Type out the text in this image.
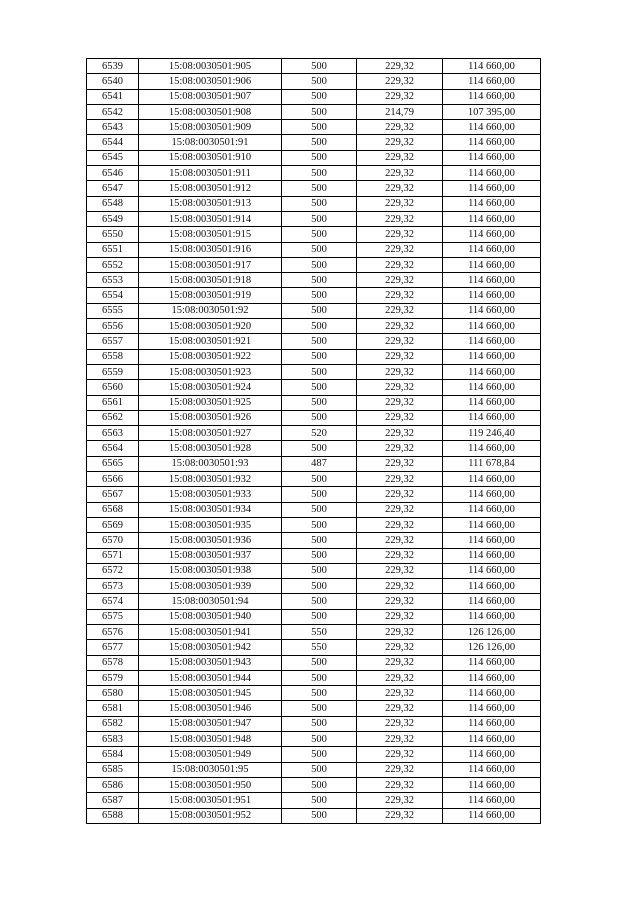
6539	15:08:0030501:905	500	229,32	114 660,00
6540	15:08:0030501:906	500	229,32	114 660,00
6541	15:08:0030501:907	500	229,32	114 660,00
6542	15:08:0030501:908	500	214,79	107 395,00
6543	15:08:0030501:909	500	229,32	114 660,00
6544	15:08:0030501:91	500	229,32	114 660,00
6545	15:08:0030501:910	500	229,32	114 660,00
6546	15:08:0030501:911	500	229,32	114 660,00
6547	15:08:0030501:912	500	229,32	114 660,00
6548	15:08:0030501:913	500	229,32	114 660,00
6549	15:08:0030501:914	500	229,32	114 660,00
6550	15:08:0030501:915	500	229,32	114 660,00
6551	15:08:0030501:916	500	229,32	114 660,00
6552	15:08:0030501:917	500	229,32	114 660,00
6553	15:08:0030501:918	500	229,32	114 660,00
6554	15:08:0030501:919	500	229,32	114 660,00
6555	15:08:0030501:92	500	229,32	114 660,00
6556	15:08:0030501:920	500	229,32	114 660,00
6557	15:08:0030501:921	500	229,32	114 660,00
6558	15:08:0030501:922	500	229,32	114 660,00
6559	15:08:0030501:923	500	229,32	114 660,00
6560	15:08:0030501:924	500	229,32	114 660,00
6561	15:08:0030501:925	500	229,32	114 660,00
6562	15:08:0030501:926	500	229,32	114 660,00
6563	15:08:0030501:927	520	229,32	119 246,40
6564	15:08:0030501:928	500	229,32	114 660,00
6565	15:08:0030501:93	487	229,32	111 678,84
6566	15:08:0030501:932	500	229,32	114 660,00
6567	15:08:0030501:933	500	229,32	114 660,00
6568	15:08:0030501:934	500	229,32	114 660,00
6569	15:08:0030501:935	500	229,32	114 660,00
6570	15:08:0030501:936	500	229,32	114 660,00
6571	15:08:0030501:937	500	229,32	114 660,00
6572	15:08:0030501:938	500	229,32	114 660,00
6573	15:08:0030501:939	500	229,32	114 660,00
6574	15:08:0030501:94	500	229,32	114 660,00
6575	15:08:0030501:940	500	229,32	114 660,00
6576	15:08:0030501:941	550	229,32	126 126,00
6577	15:08:0030501:942	550	229,32	126 126,00
6578	15:08:0030501:943	500	229,32	114 660,00
6579	15:08:0030501:944	500	229,32	114 660,00
6580	15:08:0030501:945	500	229,32	114 660,00
6581	15:08:0030501:946	500	229,32	114 660,00
6582	15:08:0030501:947	500	229,32	114 660,00
6583	15:08:0030501:948	500	229,32	114 660,00
6584	15:08:0030501:949	500	229,32	114 660,00
6585	15:08:0030501:95	500	229,32	114 660,00
6586	15:08:0030501:950	500	229,32	114 660,00
6587	15:08:0030501:951	500	229,32	114 660,00
6588	15:08:0030501:952	500	229,32	114 660,00
